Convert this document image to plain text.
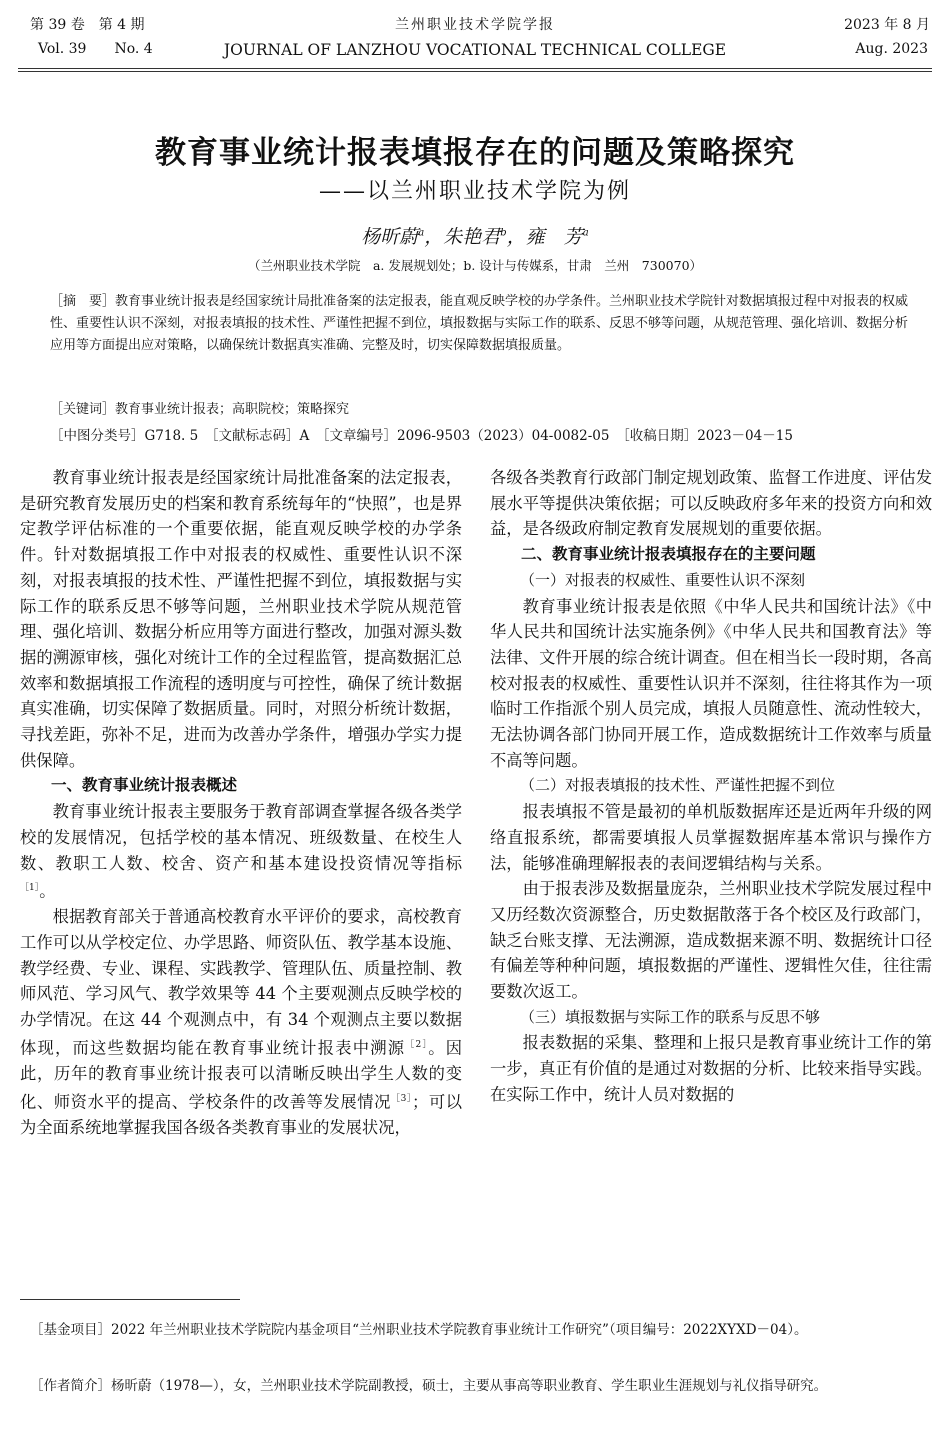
第 39 卷　第 4 期
Vol. 39　　No. 4
兰州职业技术学院学报
JOURNAL OF LANZHOU VOCATIONAL TECHNICAL COLLEGE
2023 年 8 月
Aug. 2023
教育事业统计报表填报存在的问题及策略探究
——以兰州职业技术学院为例
杨昕蔚$^a$，朱艳君$^b$，雍　芳$^a$
（兰州职业技术学院　a. 发展规划处；b. 设计与传媒系，甘肃　兰州　730070）
［摘　要］教育事业统计报表是经国家统计局批准备案的法定报表，能直观反映学校的办学条件。兰州职业技术学院针对数据填报过程中对报表的权威性、重要性认识不深刻，对报表填报的技术性、严谨性把握不到位，填报数据与实际工作的联系、反思不够等问题，从规范管理、强化培训、数据分析应用等方面提出应对策略，以确保统计数据真实准确、完整及时，切实保障数据填报质量。
［关键词］教育事业统计报表；高职院校；策略探究
［中图分类号］G718. 5　 ［文献标志码］A　 ［文章编号］2096-9503（2023）04-0082-05　 ［收稿日期］2023－04－15

教育事业统计报表是经国家统计局批准备案的法定报表，是研究教育发展历史的档案和教育系统每年的“快照”，也是界定教学评估标准的一个重要依据，能直观反映学校的办学条件。针对数据填报工作中对报表的权威性、重要性认识不深刻，对报表填报的技术性、严谨性把握不到位，填报数据与实际工作的联系反思不够等问题，兰州职业技术学院从规范管理、强化培训、数据分析应用等方面进行整改，加强对源头数据的溯源审核，强化对统计工作的全过程监管，提高数据汇总效率和数据填报工作流程的透明度与可控性，确保了统计数据真实准确，切实保障了数据质量。同时，对照分析统计数据，寻找差距，弥补不足，进而为改善办学条件，增强办学实力提供保障。

一、教育事业统计报表概述

教育事业统计报表主要服务于教育部调查掌握各级各类学校的发展情况，包括学校的基本情况、班级数量、在校生人数、教职工人数、校舍、资产和基本建设投资情况等指标$^{[1]}$。

根据教育部关于普通高校教育水平评价的要求，高校教育工作可以从学校定位、办学思路、师资队伍、教学基本设施、教学经费、专业、课程、实践教学、管理队伍、质量控制、教师风范、学习风气、教学效果等 44 个主要观测点反映学校的办学情况。在这 44 个观测点中，有 34 个观测点主要以数据体现，而这些数据均能在教育事业统计报表中溯源$^{[2]}$。因此，历年的教育事业统计报表可以清晰反映出学生人数的变化、师资水平的提高、学校条件的改善等发展情况$^{[3]}$；可以为全面系统地掌握我国各级各类教育事业的发展状况，

各级各类教育行政部门制定规划政策、监督工作进度、评估发展水平等提供决策依据；可以反映政府多年来的投资方向和效益，是各级政府制定教育发展规划的重要依据。

二、教育事业统计报表填报存在的主要问题

（一）对报表的权威性、重要性认识不深刻

教育事业统计报表是依照《中华人民共和国统计法》《中华人民共和国统计法实施条例》《中华人民共和国教育法》等法律、文件开展的综合统计调查。但在相当长一段时期，各高校对报表的权威性、重要性认识并不深刻，往往将其作为一项临时工作指派个别人员完成，填报人员随意性、流动性较大，无法协调各部门协同开展工作，造成数据统计工作效率与质量不高等问题。

（二）对报表填报的技术性、严谨性把握不到位

报表填报不管是最初的单机版数据库还是近两年升级的网络直报系统，都需要填报人员掌握数据库基本常识与操作方法，能够准确理解报表的表间逻辑结构与关系。

由于报表涉及数据量庞杂，兰州职业技术学院发展过程中又历经数次资源整合，历史数据散落于各个校区及行政部门，缺乏台账支撑、无法溯源，造成数据来源不明、数据统计口径有偏差等种种问题，填报数据的严谨性、逻辑性欠佳，往往需要数次返工。

（三）填报数据与实际工作的联系与反思不够

报表数据的采集、整理和上报只是教育事业统计工作的第一步，真正有价值的是通过对数据的分析、比较来指导实践。在实际工作中，统计人员对数据的

［基金项目］2022 年兰州职业技术学院院内基金项目“兰州职业技术学院教育事业统计工作研究”（项目编号：2022XYXD－04）。
［作者简介］杨昕蔚（1978—），女，兰州职业技术学院副教授，硕士，主要从事高等职业教育、学生职业生涯规划与礼仪指导研究。
